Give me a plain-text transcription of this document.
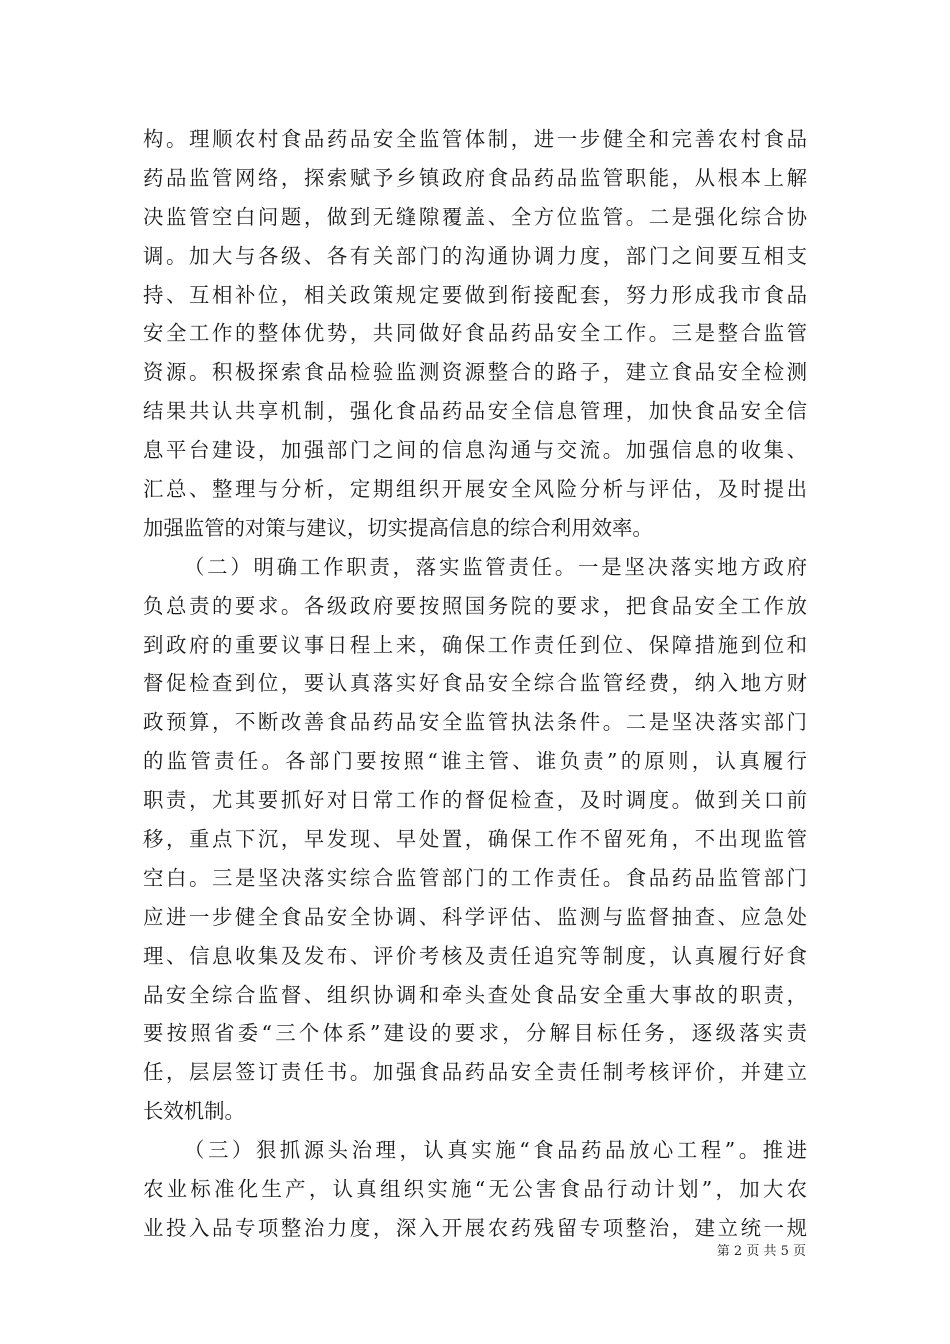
构。理顺农村食品药品安全监管体制，进一步健全和完善农村食品
药品监管网络，探索赋予乡镇政府食品药品监管职能，从根本上解
决监管空白问题，做到无缝隙覆盖、全方位监管。二是强化综合协
调。加大与各级、各有关部门的沟通协调力度，部门之间要互相支
持、互相补位，相关政策规定要做到衔接配套，努力形成我市食品
安全工作的整体优势，共同做好食品药品安全工作。三是整合监管
资源。积极探索食品检验监测资源整合的路子，建立食品安全检测
结果共认共享机制，强化食品药品安全信息管理，加快食品安全信
息平台建设，加强部门之间的信息沟通与交流。加强信息的收集、
汇总、整理与分析，定期组织开展安全风险分析与评估，及时提出
加强监管的对策与建议，切实提高信息的综合利用效率。
（二）明确工作职责，落实监管责任。一是坚决落实地方政府
负总责的要求。各级政府要按照国务院的要求，把食品安全工作放
到政府的重要议事日程上来，确保工作责任到位、保障措施到位和
督促检查到位，要认真落实好食品安全综合监管经费，纳入地方财
政预算，不断改善食品药品安全监管执法条件。二是坚决落实部门
的监管责任。各部门要按照“谁主管、谁负责”的原则，认真履行
职责，尤其要抓好对日常工作的督促检查，及时调度。做到关口前
移，重点下沉，早发现、早处置，确保工作不留死角，不出现监管
空白。三是坚决落实综合监管部门的工作责任。食品药品监管部门
应进一步健全食品安全协调、科学评估、监测与监督抽查、应急处
理、信息收集及发布、评价考核及责任追究等制度，认真履行好食
品安全综合监督、组织协调和牵头查处食品安全重大事故的职责，
要按照省委“三个体系”建设的要求，分解目标任务，逐级落实责
任，层层签订责任书。加强食品药品安全责任制考核评价，并建立
长效机制。
（三）狠抓源头治理，认真实施“食品药品放心工程”。推进
农业标准化生产，认真组织实施“无公害食品行动计划”，加大农
业投入品专项整治力度，深入开展农药残留专项整治，建立统一规
第 2 页 共 5 页
